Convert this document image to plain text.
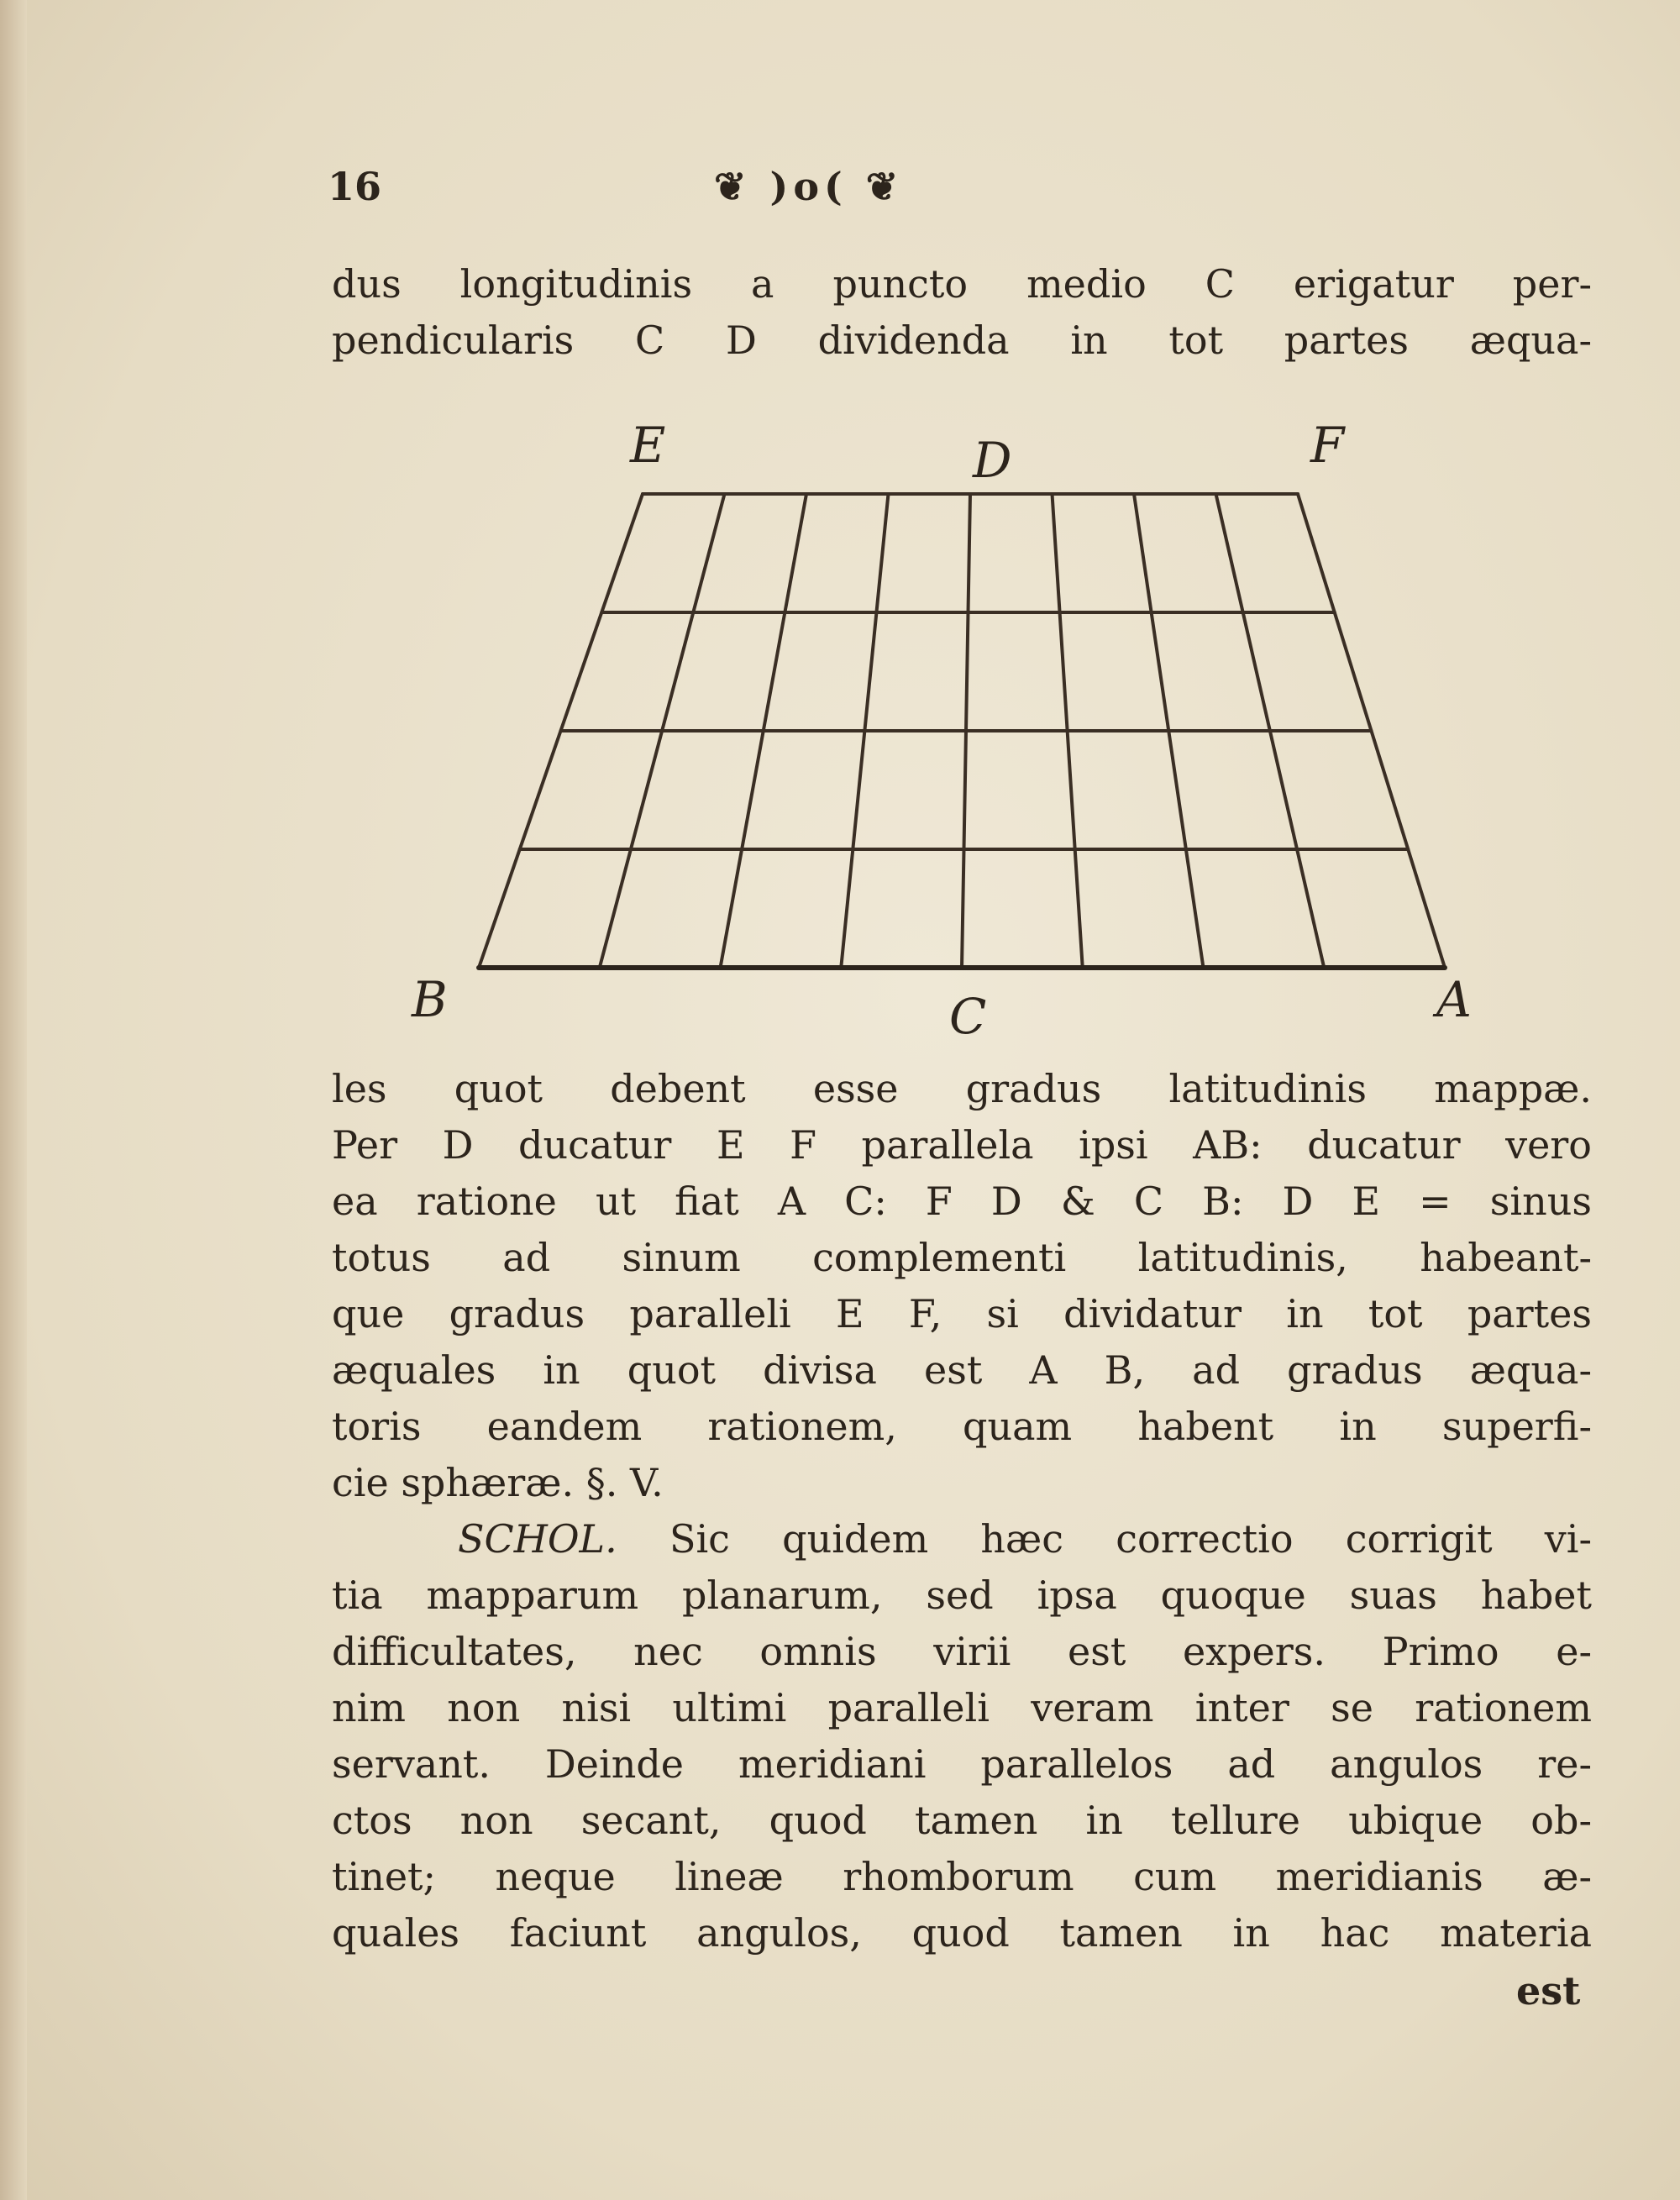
16	❦ )o( ❦
dus longitudinis a puncto medio C erigatur per-
pendicularis C D dividenda in tot partes æqua-
E	D	F
B	C	A
les quot debent esse gradus latitudinis mappæ.
Per D ducatur E F parallela ipsi AB: ducatur vero
ea ratione ut fiat A C: F D & C B: D E = sinus
totus ad sinum complementi latitudinis, habeant-
que gradus paralleli E F, si dividatur in tot partes
æquales in quot divisa est A B, ad gradus æqua-
toris eandem rationem, quam habent in superfi-
cie sphæræ. §. V.
SCHOL. Sic quidem hæc correctio corrigit vi-
tia mapparum planarum, sed ipsa quoque suas habet
difficultates, nec omnis virii est expers. Primo e-
nim non nisi ultimi paralleli veram inter se rationem
servant. Deinde meridiani parallelos ad angulos re-
ctos non secant, quod tamen in tellure ubique ob-
tinet; neque lineæ rhomborum cum meridianis æ-
quales faciunt angulos, quod tamen in hac materia
est
